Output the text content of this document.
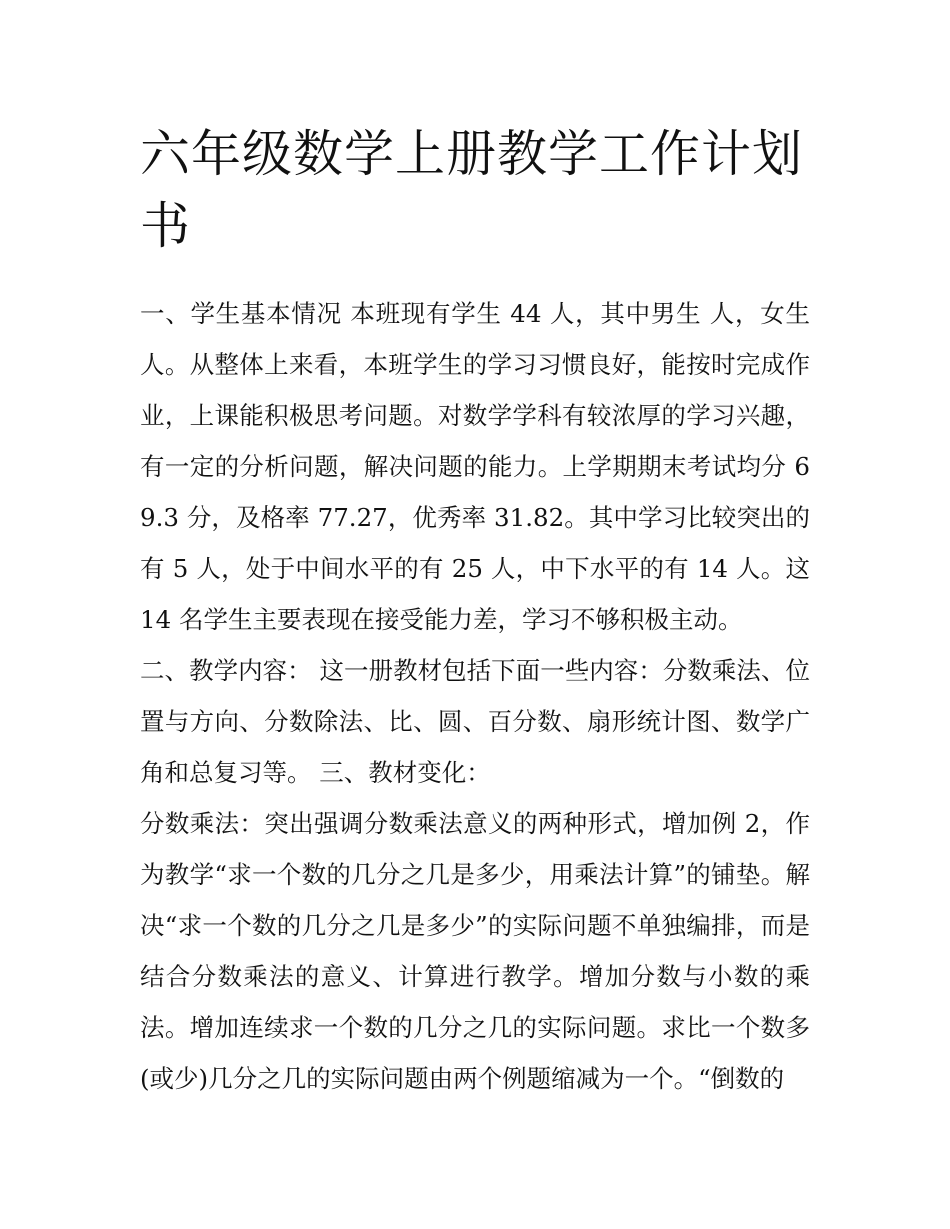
六年级数学上册教学工作计划书

一、学生基本情况 本班现有学生 44 人，其中男生 人，女生 人。从整体上来看，本班学生的学习习惯良好，能按时完成作业，上课能积极思考问题。对数学学科有较浓厚的学习兴趣，有一定的分析问题，解决问题的能力。上学期期末考试均分 69.3 分，及格率 77.27，优秀率 31.82。其中学习比较突出的有 5 人，处于中间水平的有 25 人，中下水平的有 14 人。这 14 名学生主要表现在接受能力差，学习不够积极主动。

二、教学内容： 这一册教材包括下面一些内容：分数乘法、位置与方向、分数除法、比、圆、百分数、扇形统计图、数学广角和总复习等。 三、教材变化：

分数乘法：突出强调分数乘法意义的两种形式，增加例 2，作为教学“求一个数的几分之几是多少，用乘法计算”的铺垫。解决“求一个数的几分之几是多少”的实际问题不单独编排，而是结合分数乘法的意义、计算进行教学。增加分数与小数的乘法。增加连续求一个数的几分之几的实际问题。求比一个数多(或少)几分之几的实际问题由两个例题缩减为一个。“倒数的
